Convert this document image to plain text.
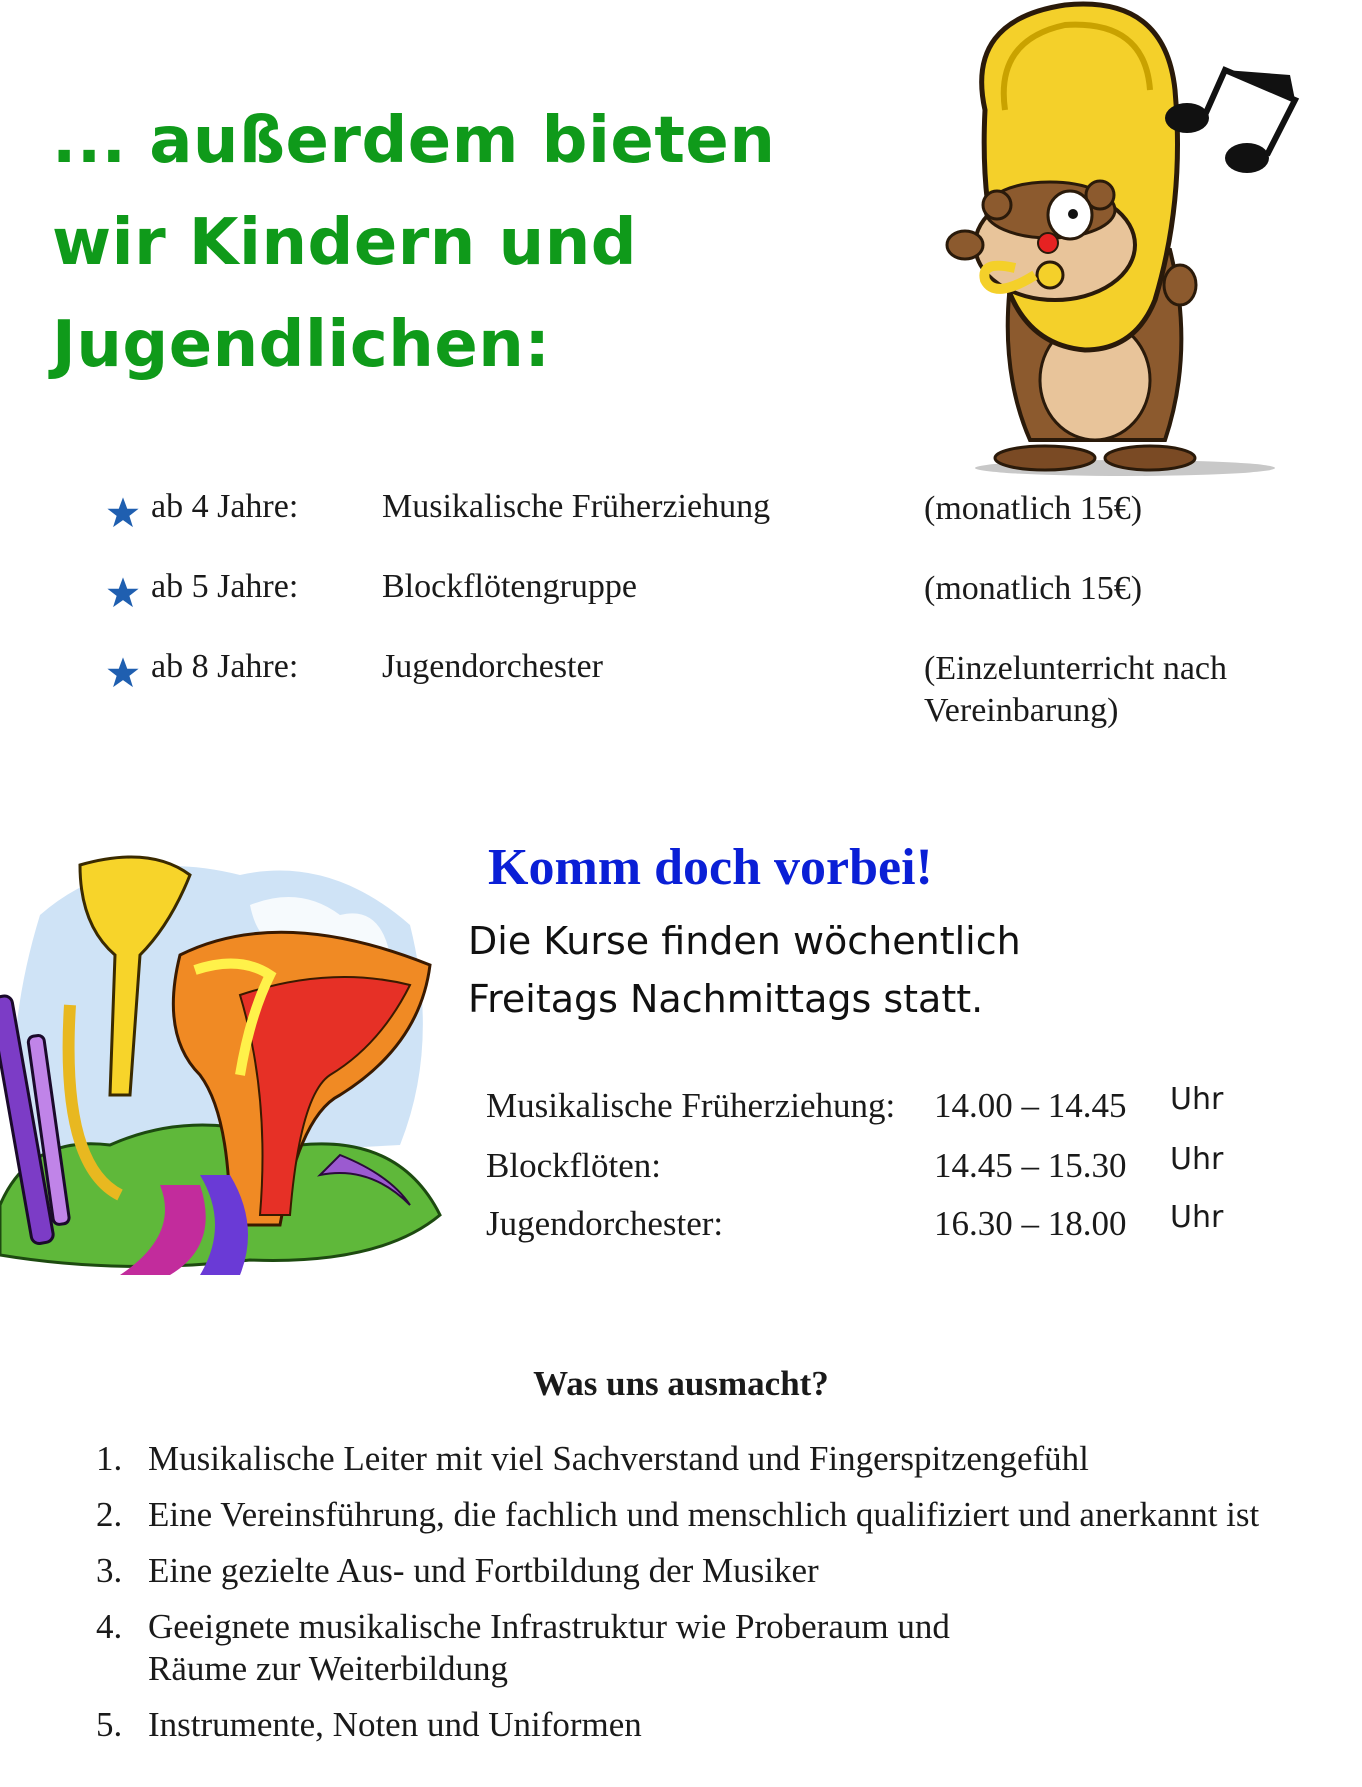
... außerdem bieten
wir Kindern und
Jugendlichen:
ab 4 Jahre: Musikalische Früherziehung	(monatlich 15€)
ab 5 Jahre: Blockflötengruppe	(monatlich 15€)
ab 8 Jahre: Jugendorchester	(Einzelunterricht nach Vereinbarung)
Komm doch vorbei!
Die Kurse finden wöchentlich
Freitags Nachmittags statt.
Musikalische Früherziehung: 14.00 – 14.45 Uhr
Blockflöten:	14.45 – 15.30 Uhr
Jugendorchester:	16.30 – 18.00 Uhr
Was uns ausmacht?
1. Musikalische Leiter mit viel Sachverstand und Fingerspitzengefühl
2. Eine Vereinsführung, die fachlich und menschlich qualifiziert und anerkannt ist
3. Eine gezielte Aus- und Fortbildung der Musiker
4. Geeignete musikalische Infrastruktur wie Proberaum und Räume zur Weiterbildung
5. Instrumente, Noten und Uniformen
